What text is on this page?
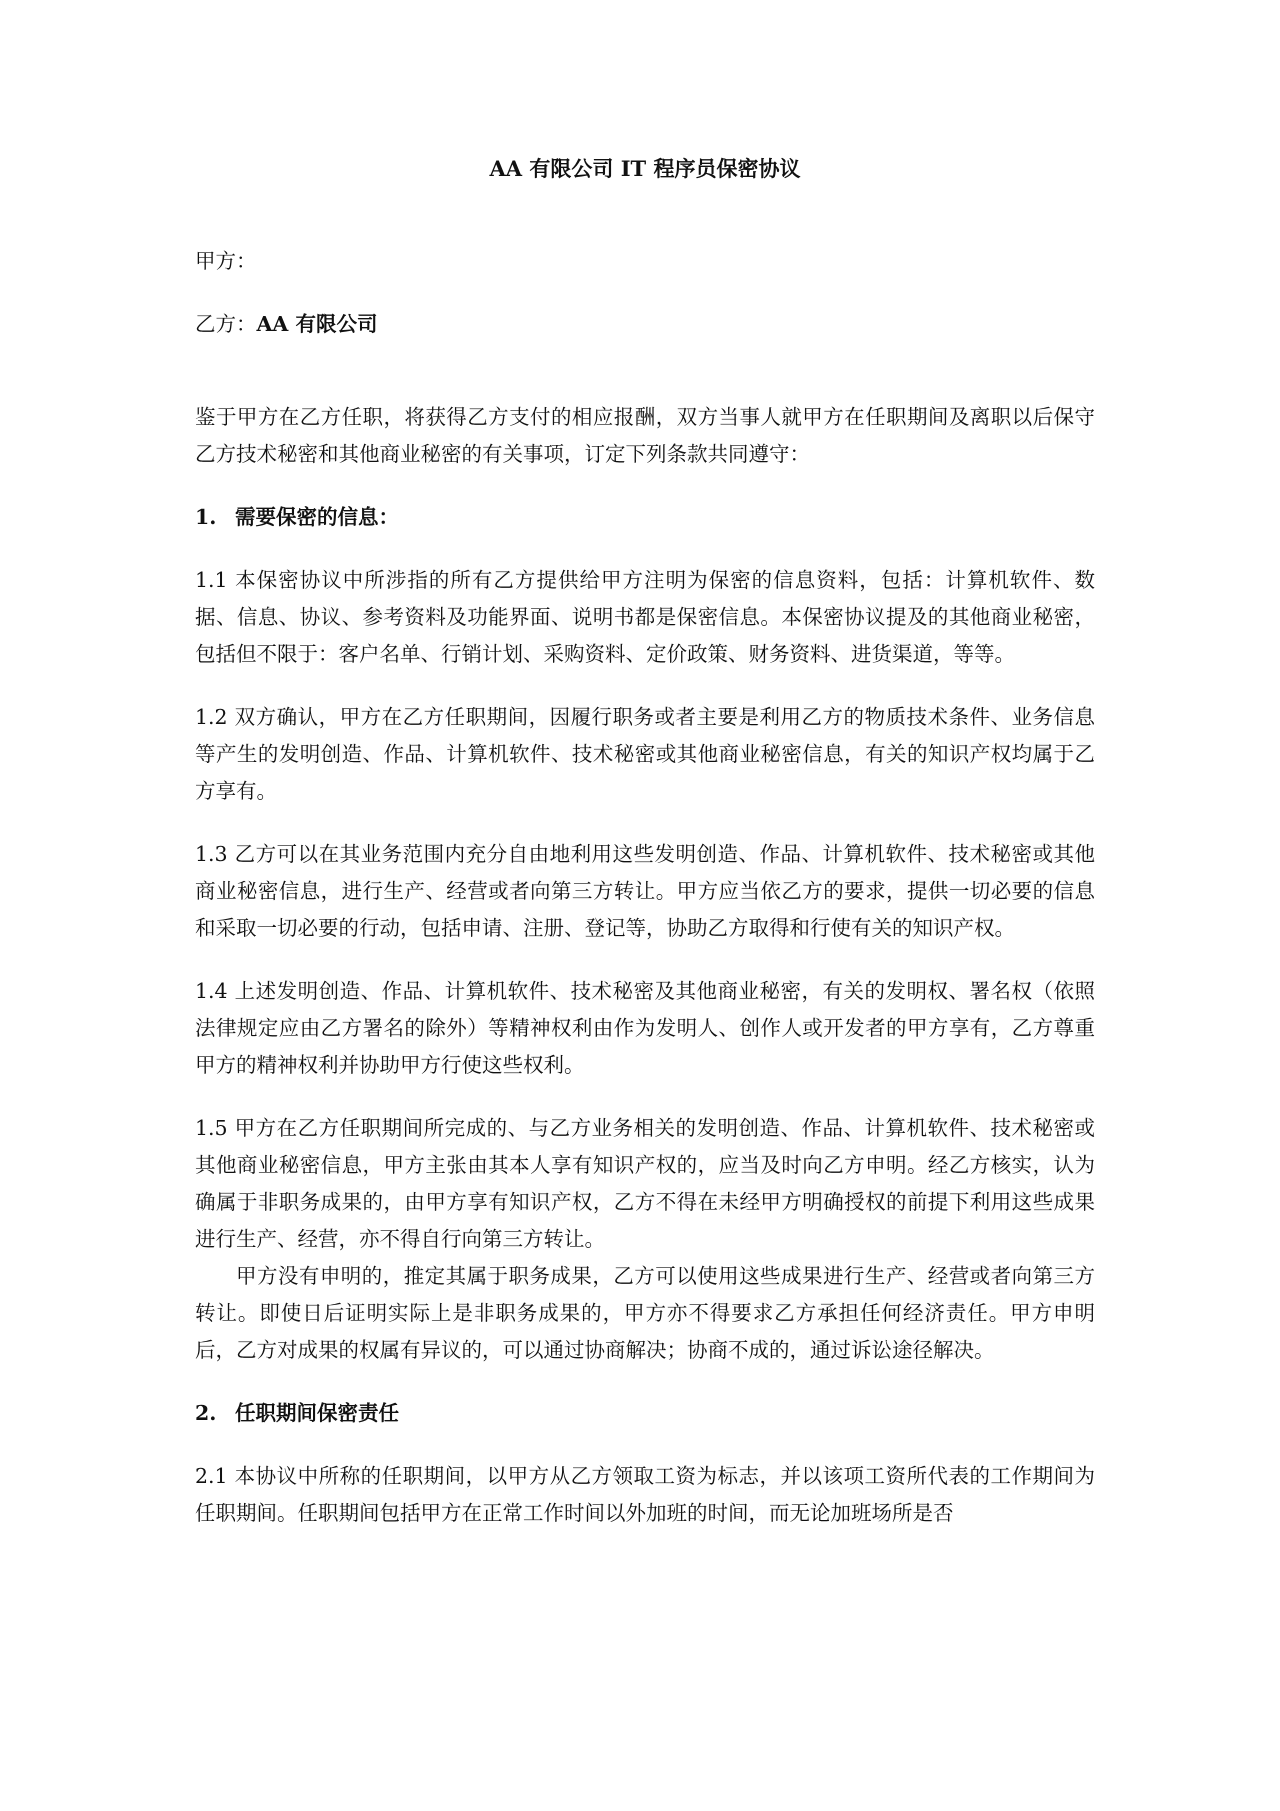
AA 有限公司 IT 程序员保密协议
甲方：
乙方：AA 有限公司

鉴于甲方在乙方任职，将获得乙方支付的相应报酬，双方当事人就甲方在任职期间及离职以后保守乙方技术秘密和其他商业秘密的有关事项，订定下列条款共同遵守：

1. 需要保密的信息：

1.1 本保密协议中所涉指的所有乙方提供给甲方注明为保密的信息资料，包括：计算机软件、数据、信息、协议、参考资料及功能界面、说明书都是保密信息。本保密协议提及的其他商业秘密，包括但不限于：客户名单、行销计划、采购资料、定价政策、财务资料、进货渠道，等等。

1.2 双方确认，甲方在乙方任职期间，因履行职务或者主要是利用乙方的物质技术条件、业务信息等产生的发明创造、作品、计算机软件、技术秘密或其他商业秘密信息，有关的知识产权均属于乙方享有。

1.3 乙方可以在其业务范围内充分自由地利用这些发明创造、作品、计算机软件、技术秘密或其他商业秘密信息，进行生产、经营或者向第三方转让。甲方应当依乙方的要求，提供一切必要的信息和采取一切必要的行动，包括申请、注册、登记等，协助乙方取得和行使有关的知识产权。

1.4 上述发明创造、作品、计算机软件、技术秘密及其他商业秘密，有关的发明权、署名权（依照法律规定应由乙方署名的除外）等精神权利由作为发明人、创作人或开发者的甲方享有，乙方尊重甲方的精神权利并协助甲方行使这些权利。

1.5 甲方在乙方任职期间所完成的、与乙方业务相关的发明创造、作品、计算机软件、技术秘密或其他商业秘密信息，甲方主张由其本人享有知识产权的，应当及时向乙方申明。经乙方核实，认为确属于非职务成果的，由甲方享有知识产权，乙方不得在未经甲方明确授权的前提下利用这些成果进行生产、经营，亦不得自行向第三方转让。

甲方没有申明的，推定其属于职务成果，乙方可以使用这些成果进行生产、经营或者向第三方转让。即使日后证明实际上是非职务成果的，甲方亦不得要求乙方承担任何经济责任。甲方申明后，乙方对成果的权属有异议的，可以通过协商解决；协商不成的，通过诉讼途径解决。

2. 任职期间保密责任

2.1 本协议中所称的任职期间，以甲方从乙方领取工资为标志，并以该项工资所代表的工作期间为任职期间。任职期间包括甲方在正常工作时间以外加班的时间，而无论加班场所是否
